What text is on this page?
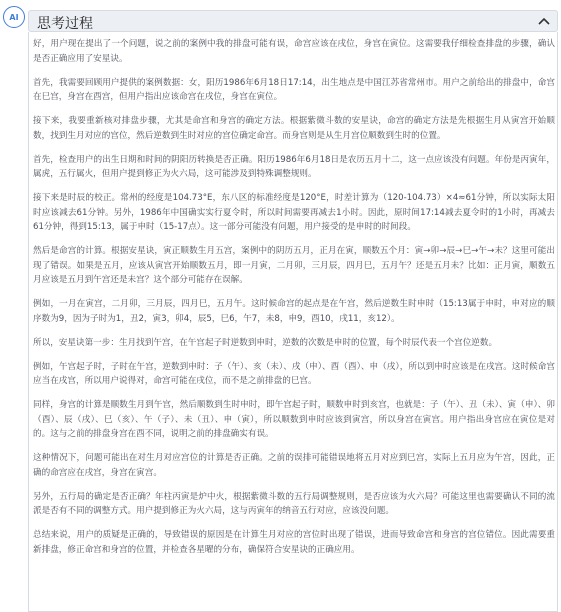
AI 思考过程

好，用户现在提出了一个问题，说之前的案例中我的排盘可能有误，命宫应该在戌位，身宫在寅位。这需要我仔细检查排盘的步骤，确认是否正确应用了安星诀。

首先，我需要回顾用户提供的案例数据：女，阳历1986年6月18日17:14，出生地点是中国江苏省常州市。用户之前给出的排盘中，命宫在巳宫，身宫在酉宫，但用户指出应该命宫在戌位，身宫在寅位。

接下来，我要重新核对排盘步骤，尤其是命宫和身宫的确定方法。根据紫微斗数的安星诀，命宫的确定方法是先根据生月从寅宫开始顺数，找到生月对应的宫位，然后逆数到生时对应的宫位确定命宫。而身宫则是从生月宫位顺数到生时的位置。

首先，检查用户的出生日期和时间的阴阳历转换是否正确。阳历1986年6月18日是农历五月十二，这一点应该没有问题。年份是丙寅年，属虎，五行属火，但用户提到修正为火六局，这可能涉及到特殊调整规则。

接下来是时辰的校正。常州的经度是104.73°E，东八区的标准经度是120°E，时差计算为（120-104.73）×4≈61分钟，所以实际太阳时应该减去61分钟。另外，1986年中国确实实行夏令时，所以时间需要再减去1小时。因此，原时间17:14减去夏令时的1小时，再减去61分钟，得到15:13，属于申时（15-17点）。这一部分可能没有问题，用户接受的是申时的时间段。

然后是命宫的计算。根据安星诀，寅正顺数生月五宫，案例中的阴历五月，正月在寅，顺数五个月：寅→卯→辰→巳→午→未？这里可能出现了错误。如果是五月，应该从寅宫开始顺数五月，即一月寅，二月卯，三月辰，四月巳，五月午？还是五月未？比如：正月寅，顺数五月应该是五月到午宫还是未宫？这个部分可能存在误解。

例如，一月在寅宫，二月卯，三月辰，四月巳，五月午。这时候命宫的起点是在午宫，然后逆数生时申时（15:13属于申时，申对应的顺序数为9，因为子时为1，丑2，寅3，卯4，辰5，巳6，午7，未8，申9，酉10，戌11，亥12）。

所以，安星诀第一步：生月找到午宫，在午宫起子时逆数到申时，逆数的次数是申时的位置，每个时辰代表一个宫位逆数。

例如，午宫起子时，子时在午宫，逆数到申时：子（午）、亥（未）、戌（申）、酉（酉）、申（戌），所以到申时应该是在戌宫。这时候命宫应当在戌宫，所以用户说得对，命宫可能在戌位，而不是之前排盘的巳宫。

同样，身宫的计算是顺数生月到午宫，然后顺数到生时申时，即午宫起子时，顺数申时到亥宫，也就是：子（午）、丑（未）、寅（申）、卯（酉）、辰（戌）、巳（亥）、午（子）、未（丑）、申（寅），所以顺数到申时应该到寅宫，所以身宫在寅宫。用户指出身宫应在寅位是对的。这与之前的排盘身宫在酉不同，说明之前的排盘确实有误。

这种情况下，问题可能出在对生月对应宫位的计算是否正确。之前的误排可能错误地将五月对应到巳宫，实际上五月应为午宫，因此，正确的命宫应在戌宫，身宫在寅宫。

另外，五行局的确定是否正确？年柱丙寅是炉中火，根据紫微斗数的五行局调整规则，是否应该为火六局？可能这里也需要确认不同的流派是否有不同的调整方式。用户提到修正为火六局，这与丙寅年的纳音五行对应，应该没问题。

总结来说，用户的质疑是正确的，导致错误的原因是在计算生月对应的宫位时出现了错误，进而导致命宫和身宫的宫位错位。因此需要重新排盘，修正命宫和身宫的位置，并检查各星曜的分布，确保符合安星诀的正确应用。
